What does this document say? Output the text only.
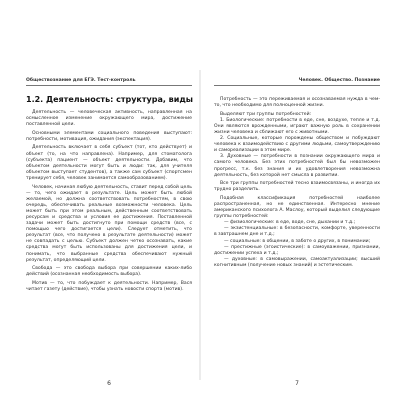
Обществознание для ЕГЭ. Тест-контроль
1.2. Деятельность: структура, виды

Деятельность — человеческая активность, направленная на осмысленное изменение окружающего мира, достижение поставленной цели.

Основными элементами социального поведения выступают: потребности, мотивация, ожидания (экспектация).

Деятельность включает в себя субъект (тот, кто действует) и объект (то, на что направлена). Например, для стоматолога (субъекта) пациент — объект деятельности. Добавим, что объектом деятельности могут быть и люди: так, для учителя объектом выступает студентов), а также сам субъект (спортсмен тренирует себя, человек занимается самообразованием).

Человек, начиная любую деятельность, ставит перед собой цель — то, чего ожидает в результате. Цель может быть любой желаемой, но должна соответствовать потребностям, в свою очередь, обеспечивать реальные возможности человека. Цель может быть при этом реальным, действенным соответствовать ресурсам и средства и условия ее достижения. Поставленной задачи может быть достигнуто при помощи средств (все, с помощью чего достигается цели). Следует отметить, что результат (все, что получено в результате деятельности) может не совпадать с целью. Субъект должен четко осознавать, какие средства могут быть использованы для достижения цели, и понимать, что выбранные средства обеспечивают нужный результат, определяющий цели.

Свобода — это свобода выбора при совершении каких-либо действий (осознанная необходимость выбора).

Мотив — то, что побуждает к деятельности. Например, Вася читает газету (действие), чтобы узнать новости спорта (мотив).

6
Человек. Общество. Познание

Потребность — это переживаемая и осознаваемая нужда в чем-то, что необходимо для полноценной жизни.

Выделяют три группы потребностей:

1. Биологические: потребности в еде, сне, воздухе, тепле и т.д. Они являются врожденными, играют важную роль в сохранении жизни человека и сближают его с животными.

2. Социальные, которые порождены обществом и побуждают человека к взаимодействию с другими людьми, самоутверждению и самореализации в этом мире.

3. Духовные — потребности в познании окружающего мира и самого человека. Без этих потребностей был бы невозможен прогресс, т.к. без знания и их удовлетворения невозможна деятельность, без которой нет смысла в развитии.

Все три группы потребностей тесно взаимосвязаны, и иногда их трудно разделить.

Подобная классификация потребностей наиболее распространенная, но не единственная. Интересно мнение американского психолога А. Маслоу, который выделил следующие группы потребностей:

— физиологические: в еде, воде, сне, дыхании и т.д.;

— экзистенциальные: в безопасности, комфорте, уверенности в завтрашнем дне и т.д.;

— социальные: в общении, в заботе о других, в понимании;

— престижные (эгоистические): в самоуважении, признании, достижении успеха и т.д.;

— духовные: в самовыражении, самоактуализации; высший когнитивным (получение новых знаний) и эстетическим.

7
